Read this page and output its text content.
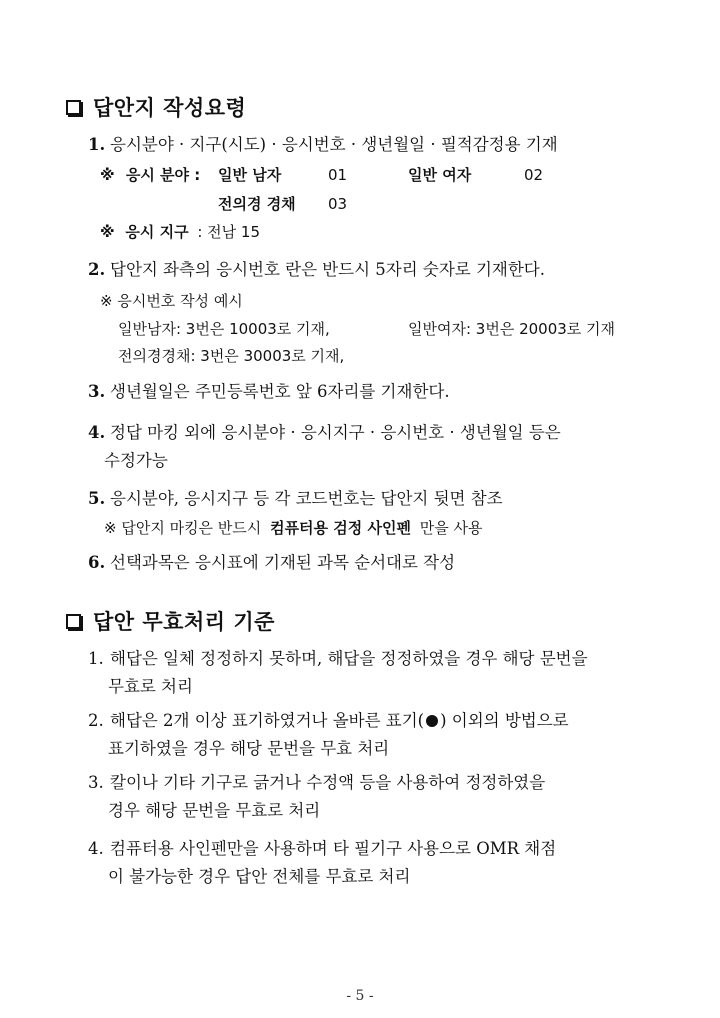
답안지 작성요령
1. 응시분야 · 지구(시도) · 응시번호 · 생년월일 · 필적감정용 기재
※ 응시 분야 : 일반 남자	01	일반 여자	02
전의경 경채 03
※ 응시 지구 : 전남 15
2. 답안지 좌측의 응시번호 란은 반드시 5자리 숫자로 기재한다.
※ 응시번호 작성 예시
일반남자: 3번은 10003로 기재,	일반여자: 3번은 20003로 기재
전의경경채: 3번은 30003로 기재,
3. 생년월일은 주민등록번호 앞 6자리를 기재한다.
4. 정답 마킹 외에 응시분야 · 응시지구 · 응시번호 · 생년월일 등은
수정가능
5. 응시분야, 응시지구 등 각 코드번호는 답안지 뒷면 참조
※ 답안지 마킹은 반드시 컴퓨터용 검정 사인펜 만을 사용
6. 선택과목은 응시표에 기재된 과목 순서대로 작성
답안 무효처리 기준
1. 해답은 일체 정정하지 못하며, 해답을 정정하였을 경우 해당 문번을
무효로 처리
2. 해답은 2개 이상 표기하였거나 올바른 표기( ) 이외의 방법으로
표기하였을 경우 해당 문번을 무효 처리
3. 칼이나 기타 기구로 긁거나 수정액 등을 사용하여 정정하였을
경우 해당 문번을 무효로 처리
4. 컴퓨터용 사인펜만을 사용하며 타 필기구 사용으로 OMR 채점
이 불가능한 경우 답안 전체를 무효로 처리
- 5 -
